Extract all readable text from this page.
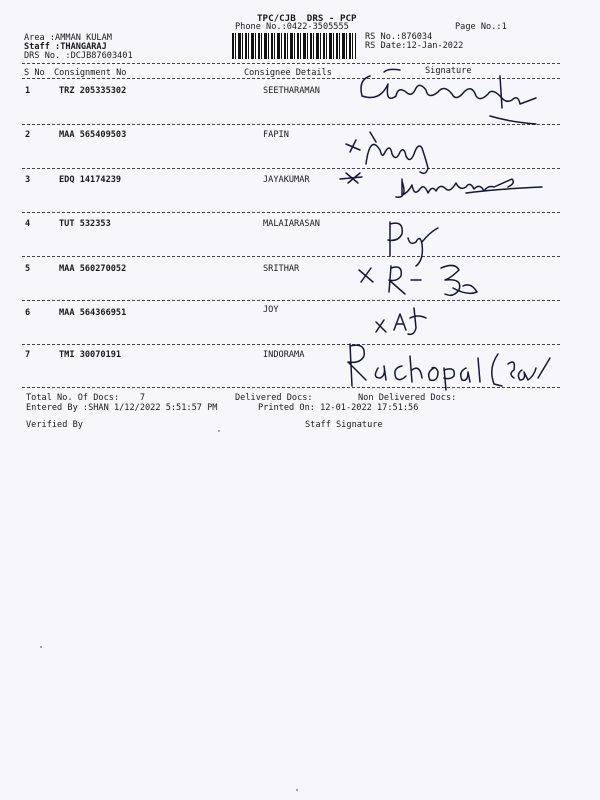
TPC/CJB  DRS - PCP
Phone No.:0422-3505555	Page No.:1
Area :AMMAN KULAM
Staff :THANGARAJ
DRS No. :DCJB87603401
RS No.:876034
RS Date:12-Jan-2022
S No Consignment No	Consignee Details	Signature
1	TRZ 205335302	SEETHARAMAN
2	MAA 565409503	FAPIN
3	EDQ 14174239	JAYAKUMAR
4	TUT 532353	MALAIARASAN
5	MAA 560270052	SRITHAR
6	MAA 564366951	JOY
7	TMI 30070191	INDORAMA
Total No. Of Docs:    7	Delivered Docs:	Non Delivered Docs:
Entered By :SHAN 1/12/2022 5:51:57 PM	Printed On: 12-01-2022 17:51:56
Verified By	Staff Signature
